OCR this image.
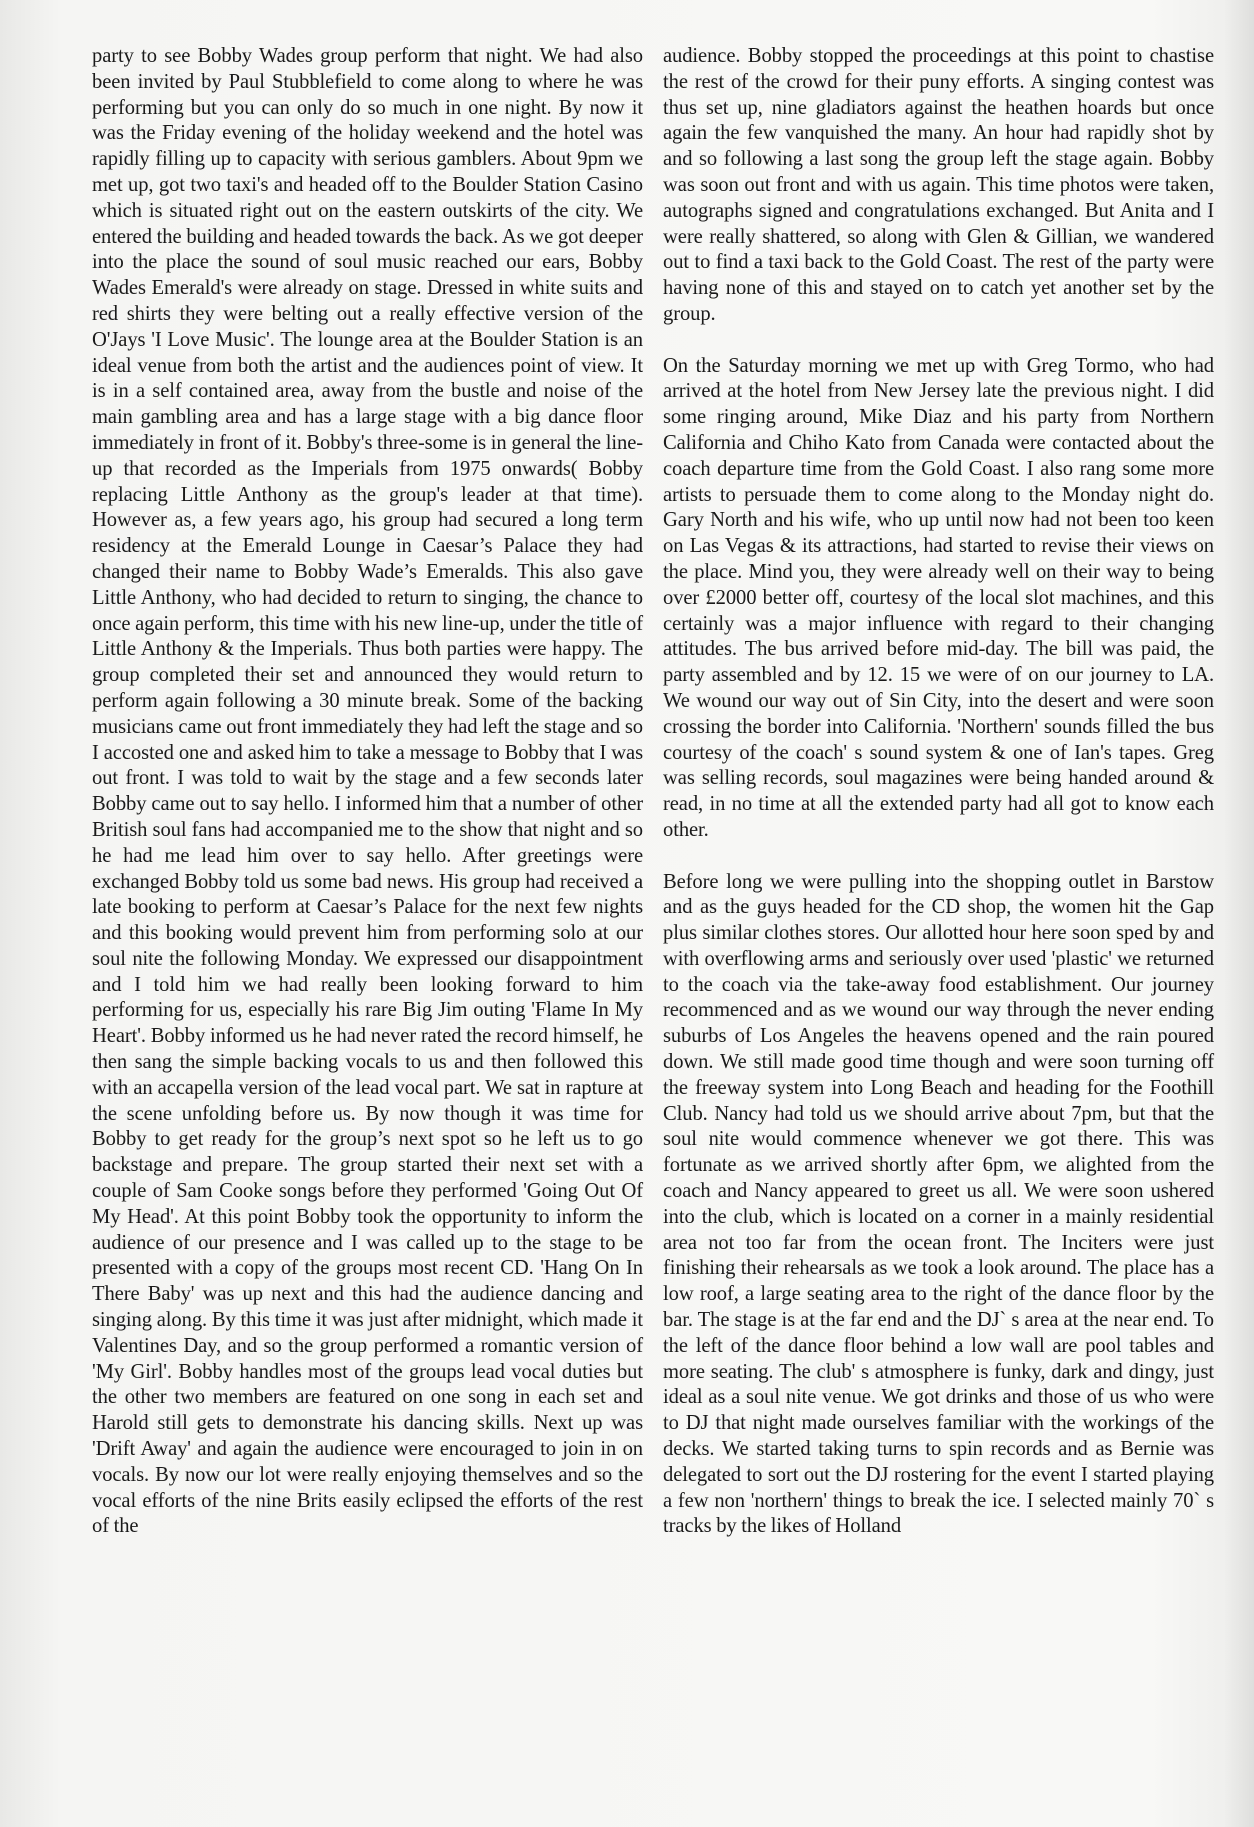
party to see Bobby Wades group perform that night. We had also been invited by Paul Stubblefield to come along to where he was performing but you can only do so much in one night. By now it was the Friday evening of the holiday weekend and the hotel was rapidly filling up to capacity with serious gamblers. About 9pm we met up, got two taxi's and headed off to the Boulder Station Casino which is situated right out on the eastern outskirts of the city. We entered the building and headed towards the back. As we got deeper into the place the sound of soul music reached our ears, Bobby Wades Emerald's were already on stage. Dressed in white suits and red shirts they were belting out a really effective version of the O'Jays 'I Love Music'. The lounge area at the Boulder Station is an ideal venue from both the artist and the audiences point of view. It is in a self contained area, away from the bustle and noise of the main gambling area and has a large stage with a big dance floor immediately in front of it. Bobby's three-some is in general the line-up that recorded as the Imperials from 1975 onwards( Bobby replacing Little Anthony as the group's leader at that time). However as, a few years ago, his group had secured a long term residency at the Emerald Lounge in Caesar’s Palace they had changed their name to Bobby Wade’s Emeralds. This also gave Little Anthony, who had decided to return to singing, the chance to once again perform, this time with his new line-up, under the title of Little Anthony & the Imperials. Thus both parties were happy. The group completed their set and announced they would return to perform again following a 30 minute break. Some of the backing musicians came out front immediately they had left the stage and so I accosted one and asked him to take a message to Bobby that I was out front. I was told to wait by the stage and a few seconds later Bobby came out to say hello. I informed him that a number of other British soul fans had accompanied me to the show that night and so he had me lead him over to say hello. After greetings were exchanged Bobby told us some bad news. His group had received a late booking to perform at Caesar’s Palace for the next few nights and this booking would prevent him from performing solo at our soul nite the following Monday. We expressed our disappointment and I told him we had really been looking forward to him performing for us, especially his rare Big Jim outing 'Flame In My Heart'. Bobby informed us he had never rated the record himself, he then sang the simple backing vocals to us and then followed this with an accapella version of the lead vocal part. We sat in rapture at the scene unfolding before us. By now though it was time for Bobby to get ready for the group’s next spot so he left us to go backstage and prepare. The group started their next set with a couple of Sam Cooke songs before they performed 'Going Out Of My Head'. At this point Bobby took the opportunity to inform the audience of our presence and I was called up to the stage to be presented with a copy of the groups most recent CD. 'Hang On In There Baby' was up next and this had the audience dancing and singing along. By this time it was just after midnight, which made it Valentines Day, and so the group performed a romantic version of 'My Girl'. Bobby handles most of the groups lead vocal duties but the other two members are featured on one song in each set and Harold still gets to demonstrate his dancing skills. Next up was 'Drift Away' and again the audience were encouraged to join in on vocals. By now our lot were really enjoying themselves and so the vocal efforts of the nine Brits easily eclipsed the efforts of the rest of the

audience. Bobby stopped the proceedings at this point to chastise the rest of the crowd for their puny efforts. A singing contest was thus set up, nine gladiators against the heathen hoards but once again the few vanquished the many. An hour had rapidly shot by and so following a last song the group left the stage again. Bobby was soon out front and with us again. This time photos were taken, autographs signed and congratulations exchanged. But Anita and I were really shattered, so along with Glen & Gillian, we wandered out to find a taxi back to the Gold Coast. The rest of the party were having none of this and stayed on to catch yet another set by the group.

On the Saturday morning we met up with Greg Tormo, who had arrived at the hotel from New Jersey late the previous night. I did some ringing around, Mike Diaz and his party from Northern California and Chiho Kato from Canada were contacted about the coach departure time from the Gold Coast. I also rang some more artists to persuade them to come along to the Monday night do. Gary North and his wife, who up until now had not been too keen on Las Vegas & its attractions, had started to revise their views on the place. Mind you, they were already well on their way to being over £2000 better off, courtesy of the local slot machines, and this certainly was a major influence with regard to their changing attitudes. The bus arrived before mid-day. The bill was paid, the party assembled and by 12. 15 we were of on our journey to LA. We wound our way out of Sin City, into the desert and were soon crossing the border into California. 'Northern' sounds filled the bus courtesy of the coach' s sound system & one of Ian's tapes. Greg was selling records, soul magazines were being handed around & read, in no time at all the extended party had all got to know each other.

Before long we were pulling into the shopping outlet in Barstow and as the guys headed for the CD shop, the women hit the Gap plus similar clothes stores. Our allotted hour here soon sped by and with overflowing arms and seriously over used 'plastic' we returned to the coach via the take-away food establishment. Our journey recommenced and as we wound our way through the never ending suburbs of Los Angeles the heavens opened and the rain poured down. We still made good time though and were soon turning off the freeway system into Long Beach and heading for the Foothill Club. Nancy had told us we should arrive about 7pm, but that the soul nite would commence whenever we got there. This was fortunate as we arrived shortly after 6pm, we alighted from the coach and Nancy appeared to greet us all. We were soon ushered into the club, which is located on a corner in a mainly residential area not too far from the ocean front. The Inciters were just finishing their rehearsals as we took a look around. The place has a low roof, a large seating area to the right of the dance floor by the bar. The stage is at the far end and the DJ` s area at the near end. To the left of the dance floor behind a low wall are pool tables and more seating. The club' s atmosphere is funky, dark and dingy, just ideal as a soul nite venue. We got drinks and those of us who were to DJ that night made ourselves familiar with the workings of the decks. We started taking turns to spin records and as Bernie was delegated to sort out the DJ rostering for the event I started playing a few non 'northern' things to break the ice. I selected mainly 70` s tracks by the likes of Holland
